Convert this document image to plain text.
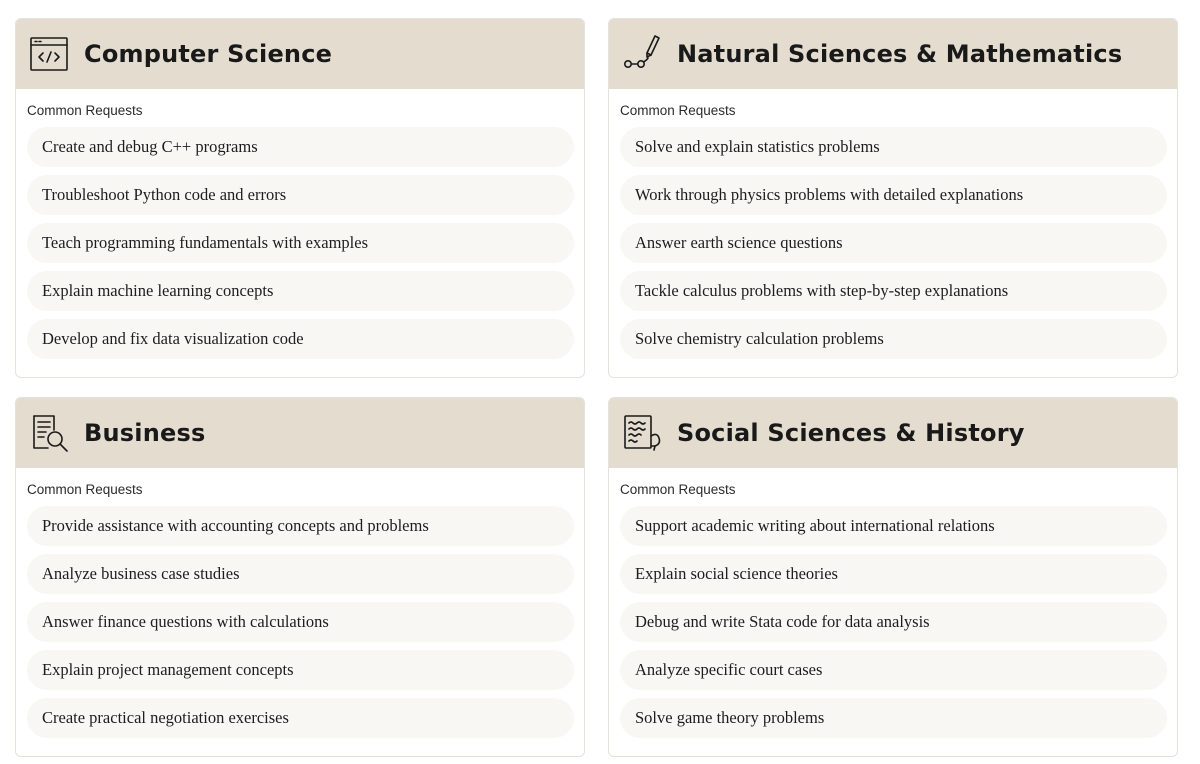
Computer Science
Common Requests
Create and debug C++ programs
Troubleshoot Python code and errors
Teach programming fundamentals with examples
Explain machine learning concepts
Develop and fix data visualization code
Natural Sciences & Mathematics
Common Requests
Solve and explain statistics problems
Work through physics problems with detailed explanations
Answer earth science questions
Tackle calculus problems with step-by-step explanations
Solve chemistry calculation problems
Business
Common Requests
Provide assistance with accounting concepts and problems
Analyze business case studies
Answer finance questions with calculations
Explain project management concepts
Create practical negotiation exercises
Social Sciences & History
Common Requests
Support academic writing about international relations
Explain social science theories
Debug and write Stata code for data analysis
Analyze specific court cases
Solve game theory problems
